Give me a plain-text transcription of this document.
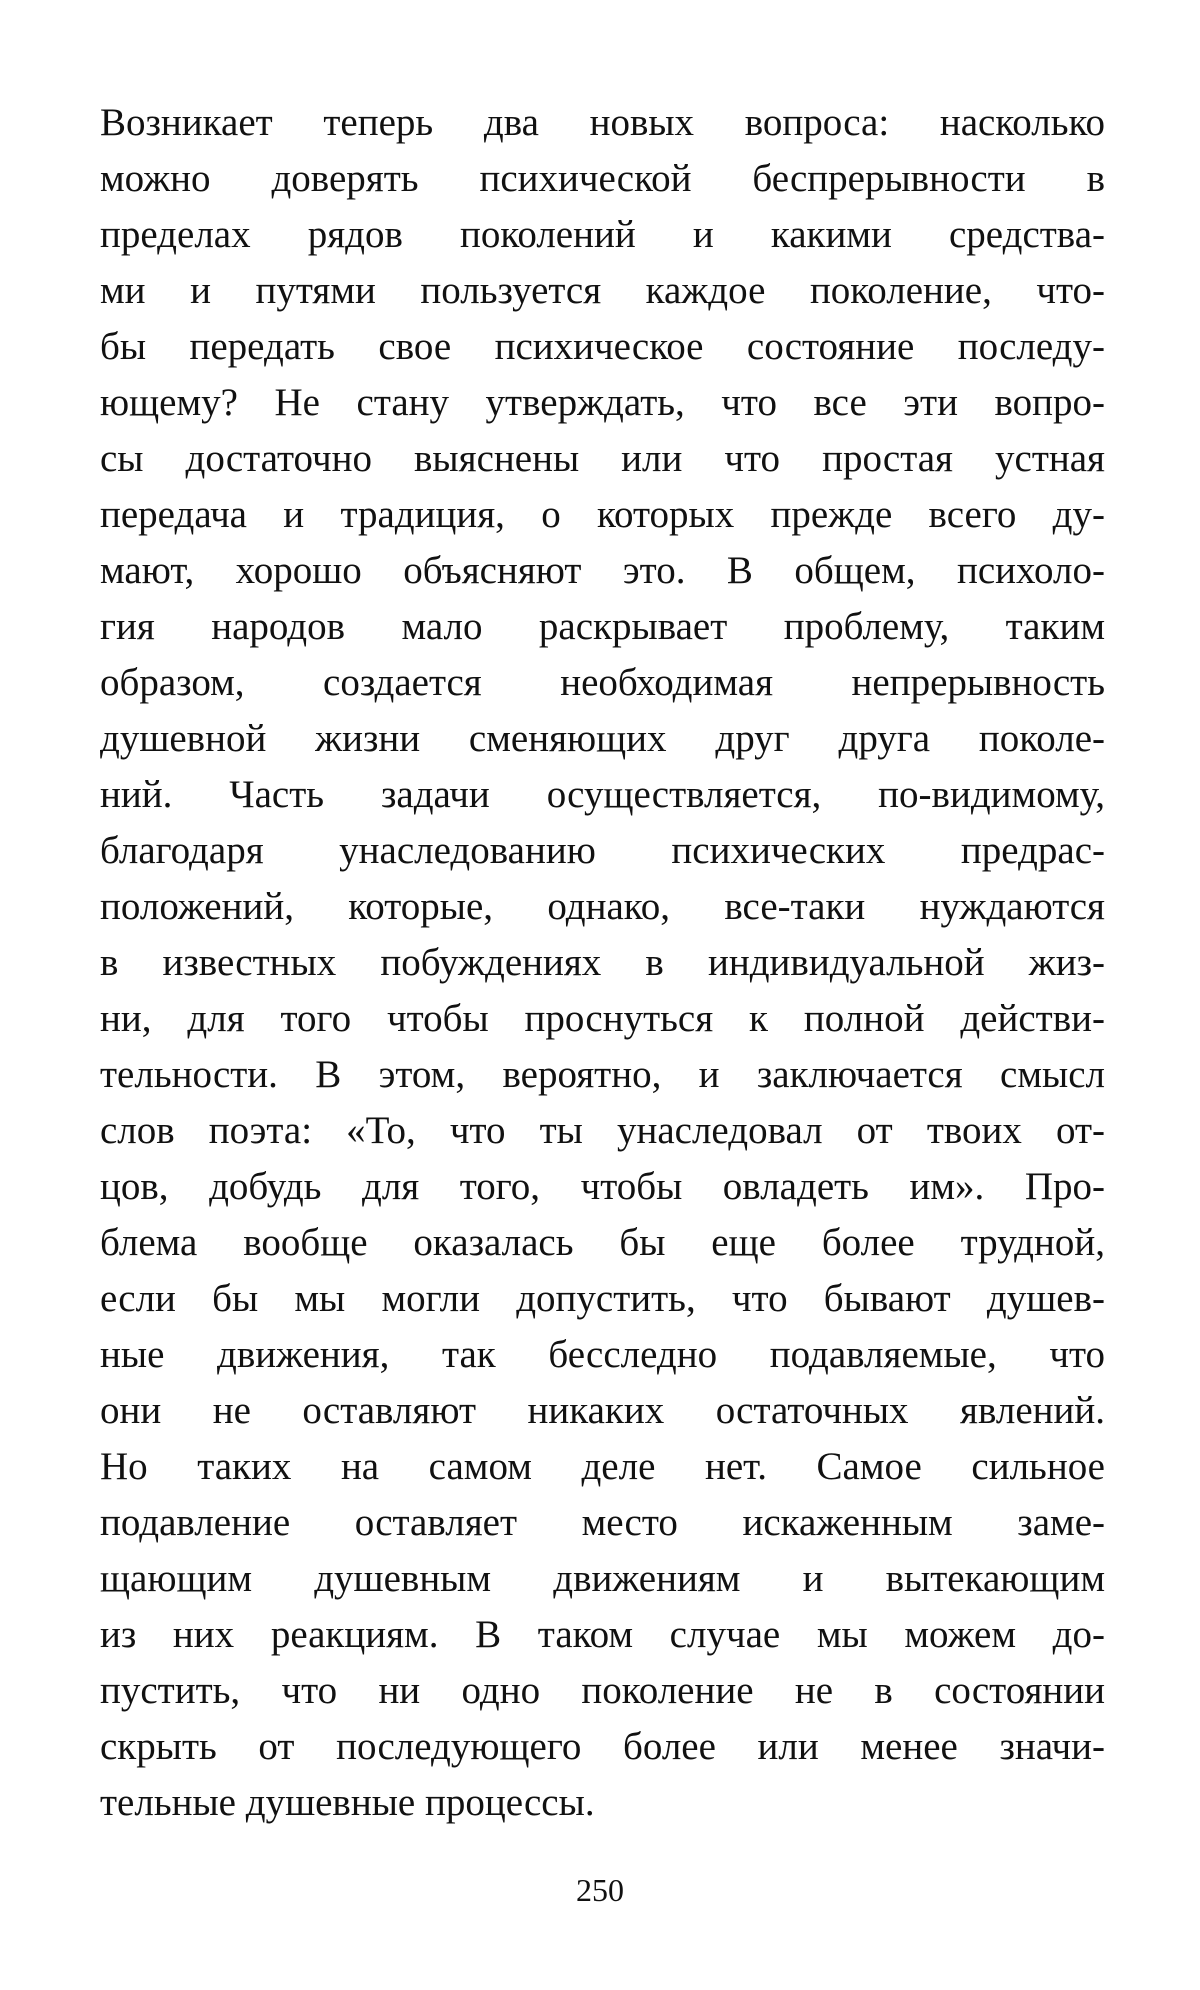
Возникает теперь два новых вопроса: насколько
можно доверять психической беспрерывности в
пределах рядов поколений и какими средства-
ми и путями пользуется каждое поколение, что-
бы передать свое психическое состояние последу-
ющему? Не стану утверждать, что все эти вопро-
сы достаточно выяснены или что простая устная
передача и традиция, о которых прежде всего ду-
мают, хорошо объясняют это. В общем, психоло-
гия народов мало раскрывает проблему, таким
образом, создается необходимая непрерывность
душевной жизни сменяющих друг друга поколе-
ний. Часть задачи осуществляется, по-видимому,
благодаря унаследованию психических предрас-
положений, которые, однако, все-таки нуждаются
в известных побуждениях в индивидуальной жиз-
ни, для того чтобы проснуться к полной действи-
тельности. В этом, вероятно, и заключается смысл
слов поэта: «То, что ты унаследовал от твоих от-
цов, добудь для того, чтобы овладеть им». Про-
блема вообще оказалась бы еще более трудной,
если бы мы могли допустить, что бывают душев-
ные движения, так бесследно подавляемые, что
они не оставляют никаких остаточных явлений.
Но таких на самом деле нет. Самое сильное
подавление оставляет место искаженным заме-
щающим душевным движениям и вытекающим
из них реакциям. В таком случае мы можем до-
пустить, что ни одно поколение не в состоянии
скрыть от последующего более или менее значи-
тельные душевные процессы.
250
